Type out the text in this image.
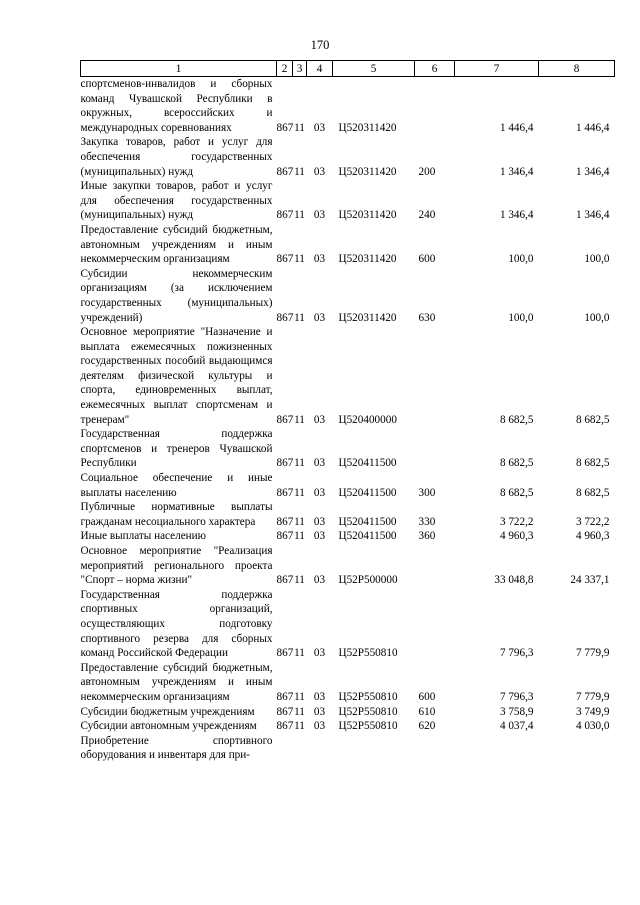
170
1	2	3	4	5	6	7	8
спортсменов-инвалидов и сборных команд Чувашской Республики в окружных, всероссийских и международных соревнованиях	867	11	03	Ц520311420		1 446,4	1 446,4
Закупка товаров, работ и услуг для обеспечения государственных (муниципальных) нужд	867	11	03	Ц520311420	200	1 346,4	1 346,4
Иные закупки товаров, работ и услуг для обеспечения государственных (муниципальных) нужд	867	11	03	Ц520311420	240	1 346,4	1 346,4
Предоставление субсидий бюджетным, автономным учреждениям и иным некоммерческим организациям	867	11	03	Ц520311420	600	100,0	100,0
Субсидии некоммерческим организациям (за исключением государственных (муниципальных) учреждений)	867	11	03	Ц520311420	630	100,0	100,0
Основное мероприятие "Назначение и выплата ежемесячных пожизненных государственных пособий выдающимся деятелям физической культуры и спорта, единовременных выплат, ежемесячных выплат спортсменам и тренерам"	867	11	03	Ц520400000		8 682,5	8 682,5
Государственная поддержка спортсменов и тренеров Чувашской Республики	867	11	03	Ц520411500		8 682,5	8 682,5
Социальное обеспечение и иные выплаты населению	867	11	03	Ц520411500	300	8 682,5	8 682,5
Публичные нормативные выплаты гражданам несоциального характера	867	11	03	Ц520411500	330	3 722,2	3 722,2
Иные выплаты населению	867	11	03	Ц520411500	360	4 960,3	4 960,3
Основное мероприятие "Реализация мероприятий регионального проекта "Спорт – норма жизни"	867	11	03	Ц52Р500000		33 048,8	24 337,1
Государственная поддержка спортивных организаций, осуществляющих подготовку спортивного резерва для сборных команд Российской Федерации	867	11	03	Ц52Р550810		7 796,3	7 779,9
Предоставление субсидий бюджетным, автономным учреждениям и иным некоммерческим организациям	867	11	03	Ц52Р550810	600	7 796,3	7 779,9
Субсидии бюджетным учреждениям	867	11	03	Ц52Р550810	610	3 758,9	3 749,9
Субсидии автономным учреждениям	867	11	03	Ц52Р550810	620	4 037,4	4 030,0
Приобретение спортивного оборудования и инвентаря для при-							
